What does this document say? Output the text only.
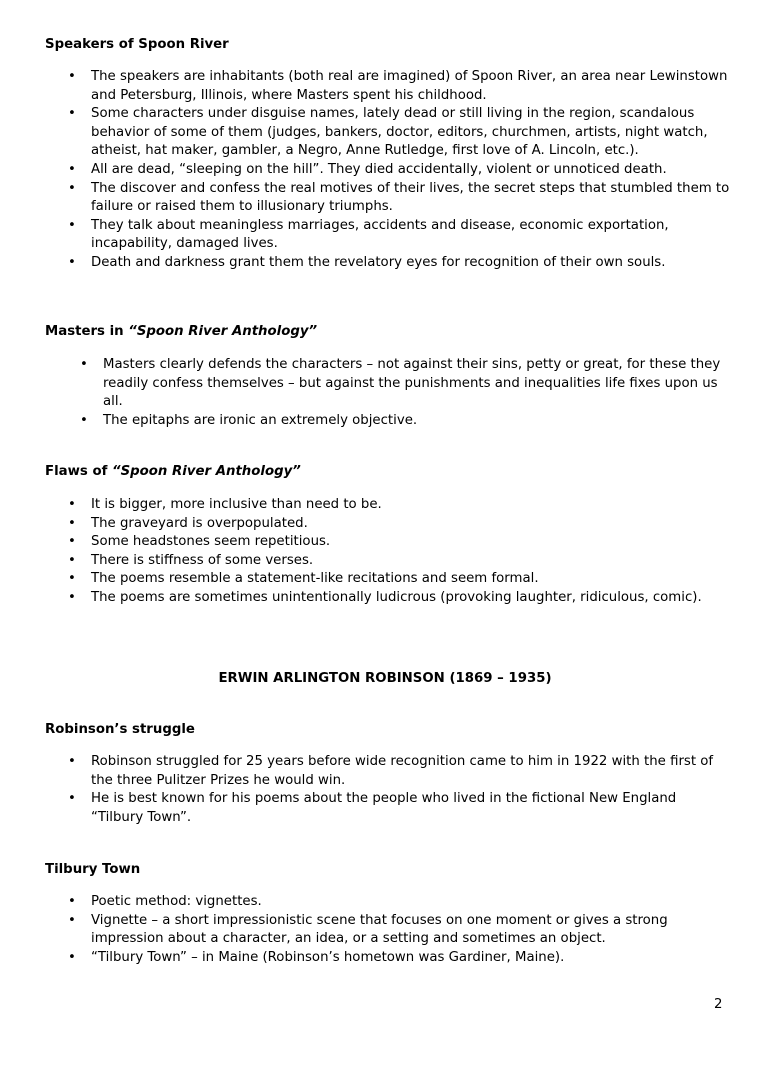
Speakers of Spoon River
• The speakers are inhabitants (both real are imagined) of Spoon River, an area near Lewinstown and Petersburg, Illinois, where Masters spent his childhood.
• Some characters under disguise names, lately dead or still living in the region, scandalous behavior of some of them (judges, bankers, doctor, editors, churchmen, artists, night watch, atheist, hat maker, gambler, a Negro, Anne Rutledge, first love of A. Lincoln, etc.).
• All are dead, “sleeping on the hill”. They died accidentally, violent or unnoticed death.
• The discover and confess the real motives of their lives, the secret steps that stumbled them to failure or raised them to illusionary triumphs.
• They talk about meaningless marriages, accidents and disease, economic exportation, incapability, damaged lives.
• Death and darkness grant them the revelatory eyes for recognition of their own souls.
Masters in “Spoon River Anthology”
• Masters clearly defends the characters – not against their sins, petty or great, for these they readily confess themselves – but against the punishments and inequalities life fixes upon us all.
• The epitaphs are ironic an extremely objective.
Flaws of “Spoon River Anthology”
• It is bigger, more inclusive than need to be.
• The graveyard is overpopulated.
• Some headstones seem repetitious.
• There is stiffness of some verses.
• The poems resemble a statement-like recitations and seem formal.
• The poems are sometimes unintentionally ludicrous (provoking laughter, ridiculous, comic).
ERWIN ARLINGTON ROBINSON (1869 – 1935)
Robinson’s struggle
• Robinson struggled for 25 years before wide recognition came to him in 1922 with the first of the three Pulitzer Prizes he would win.
• He is best known for his poems about the people who lived in the fictional New England “Tilbury Town”.
Tilbury Town
• Poetic method: vignettes.
• Vignette – a short impressionistic scene that focuses on one moment or gives a strong impression about a character, an idea, or a setting and sometimes an object.
• “Tilbury Town” – in Maine (Robinson’s hometown was Gardiner, Maine).
2
